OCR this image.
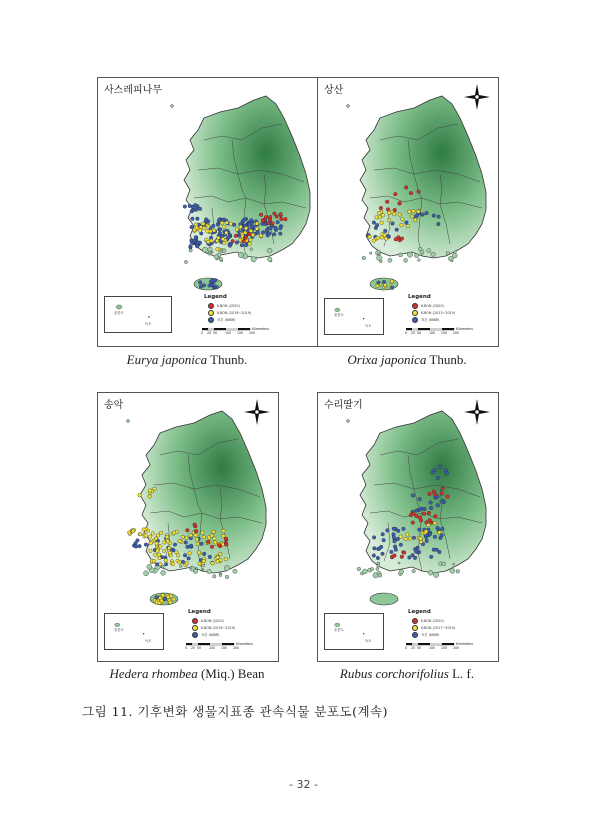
사스레피나무
울릉도
독도
Legend
K-BON (2020)
K-BON (2016~2019)
표본 (NIBR)
0 25 50 100 150 200
Kilometers
상산
울릉도
독도
Legend
K-BON (2020)
K-BON (2013~2019)
표본 (NIBR)
0 25 50 100 150 200
Kilometers
송악
울릉도
독도
Legend
K-BON (2020)
K-BON (2016~2019)
표본 (NIBR)
0 25 50 100 150 200
Kilometers
수리딸기
울릉도
독도
Legend
K-BON (2020)
K-BON (2017~2019)
표본 (NIBR)
0 25 50 100 150 200
Kilometers
Eurya japonica Thunb.	Orixa japonica Thunb.
Hedera rhombea (Miq.) Bean	Rubus corchorifolius L. f.
그림 11. 기후변화 생물지표종 관속식물 분포도(계속)
- 32 -
